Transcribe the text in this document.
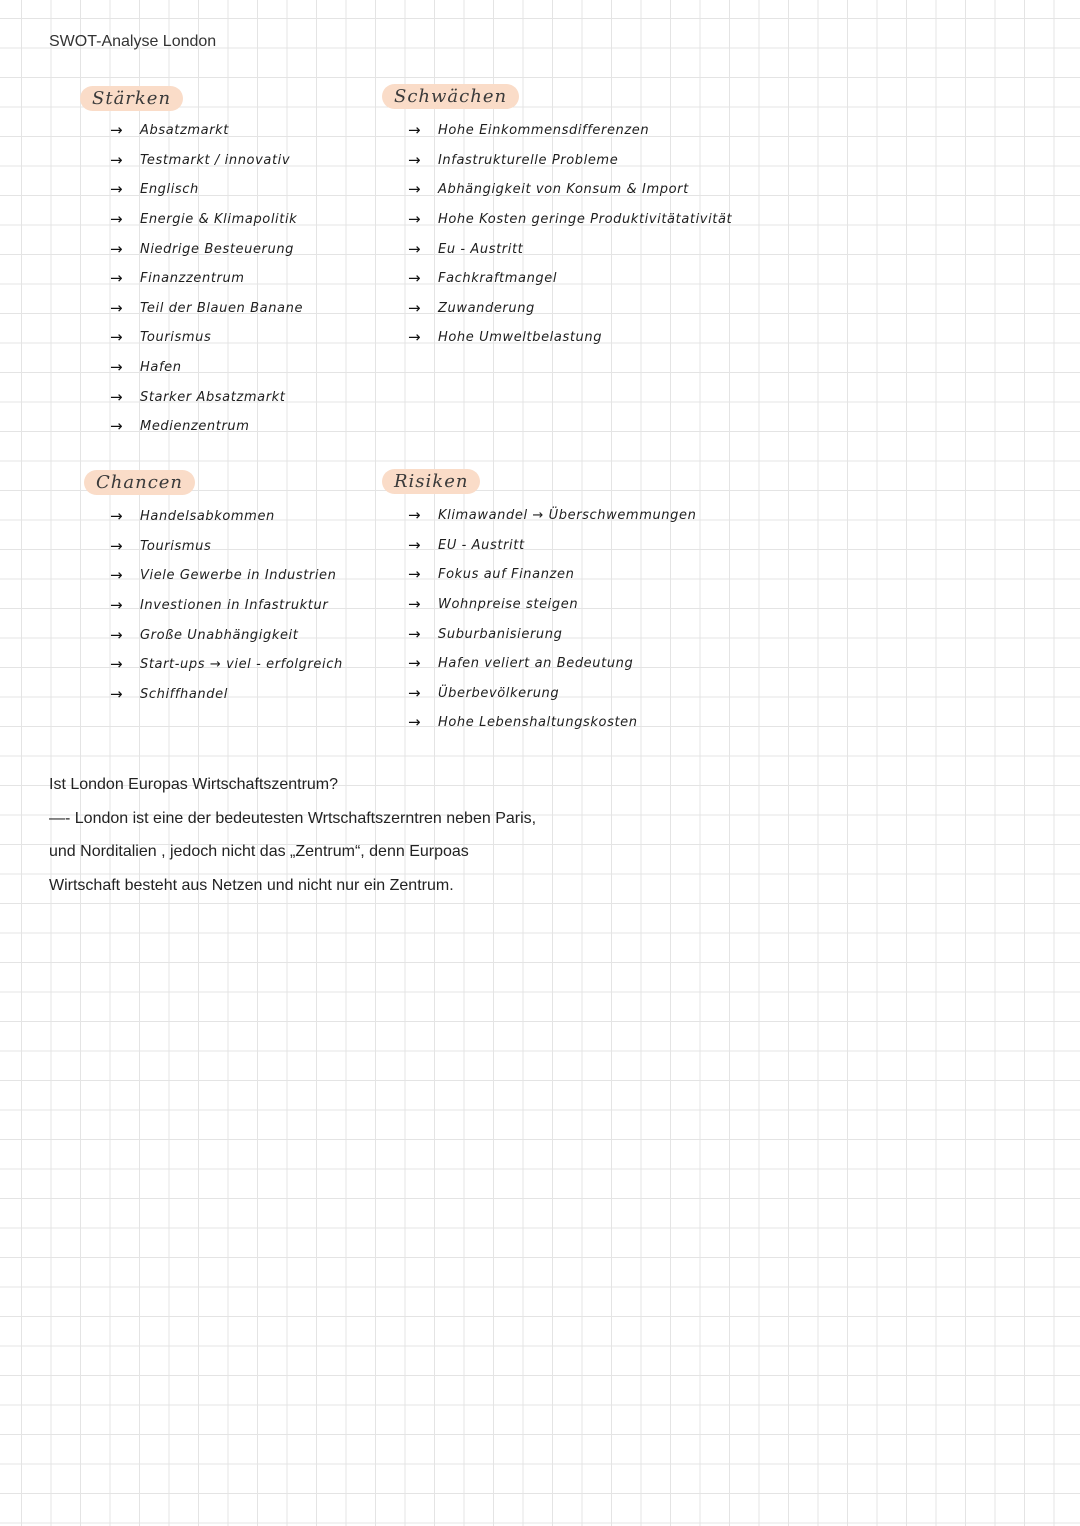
SWOT-Analyse London
Stärken
→	Absatzmarkt
→	Testmarkt / innovativ
→	Englisch
→	Energie & Klimapolitik
→	Niedrige Besteuerung
→	Finanzzentrum
→	Teil der Blauen Banane
→	Tourismus
→	Hafen
→	Starker Absatzmarkt
→	Medienzentrum
Schwächen
→	Hohe Einkommensdifferenzen
→	Infastrukturelle Probleme
→	Abhängigkeit von Konsum & Import
→	Hohe Kosten geringe Produktivitätativität
→	Eu - Austritt
→	Fachkraftmangel
→	Zuwanderung
→	Hohe Umweltbelastung
Chancen
→	Handelsabkommen
→	Tourismus
→	Viele Gewerbe in Industrien
→	Investionen in Infastruktur
→	Große Unabhängigkeit
→	Start-ups → viel - erfolgreich
→	Schiffhandel
Risiken
→	Klimawandel → Überschwemmungen
→	EU - Austritt
→	Fokus auf Finanzen
→	Wohnpreise steigen
→	Suburbanisierung
→	Hafen veliert an Bedeutung
→	Überbevölkerung
→	Hohe Lebenshaltungskosten

Ist London Europas Wirtschaftszentrum?

—- London ist eine der bedeutesten Wrtschaftszerntren neben Paris,

und Norditalien , jedoch nicht das „Zentrum“, denn Eurpoas

Wirtschaft besteht aus Netzen und nicht nur ein Zentrum.
